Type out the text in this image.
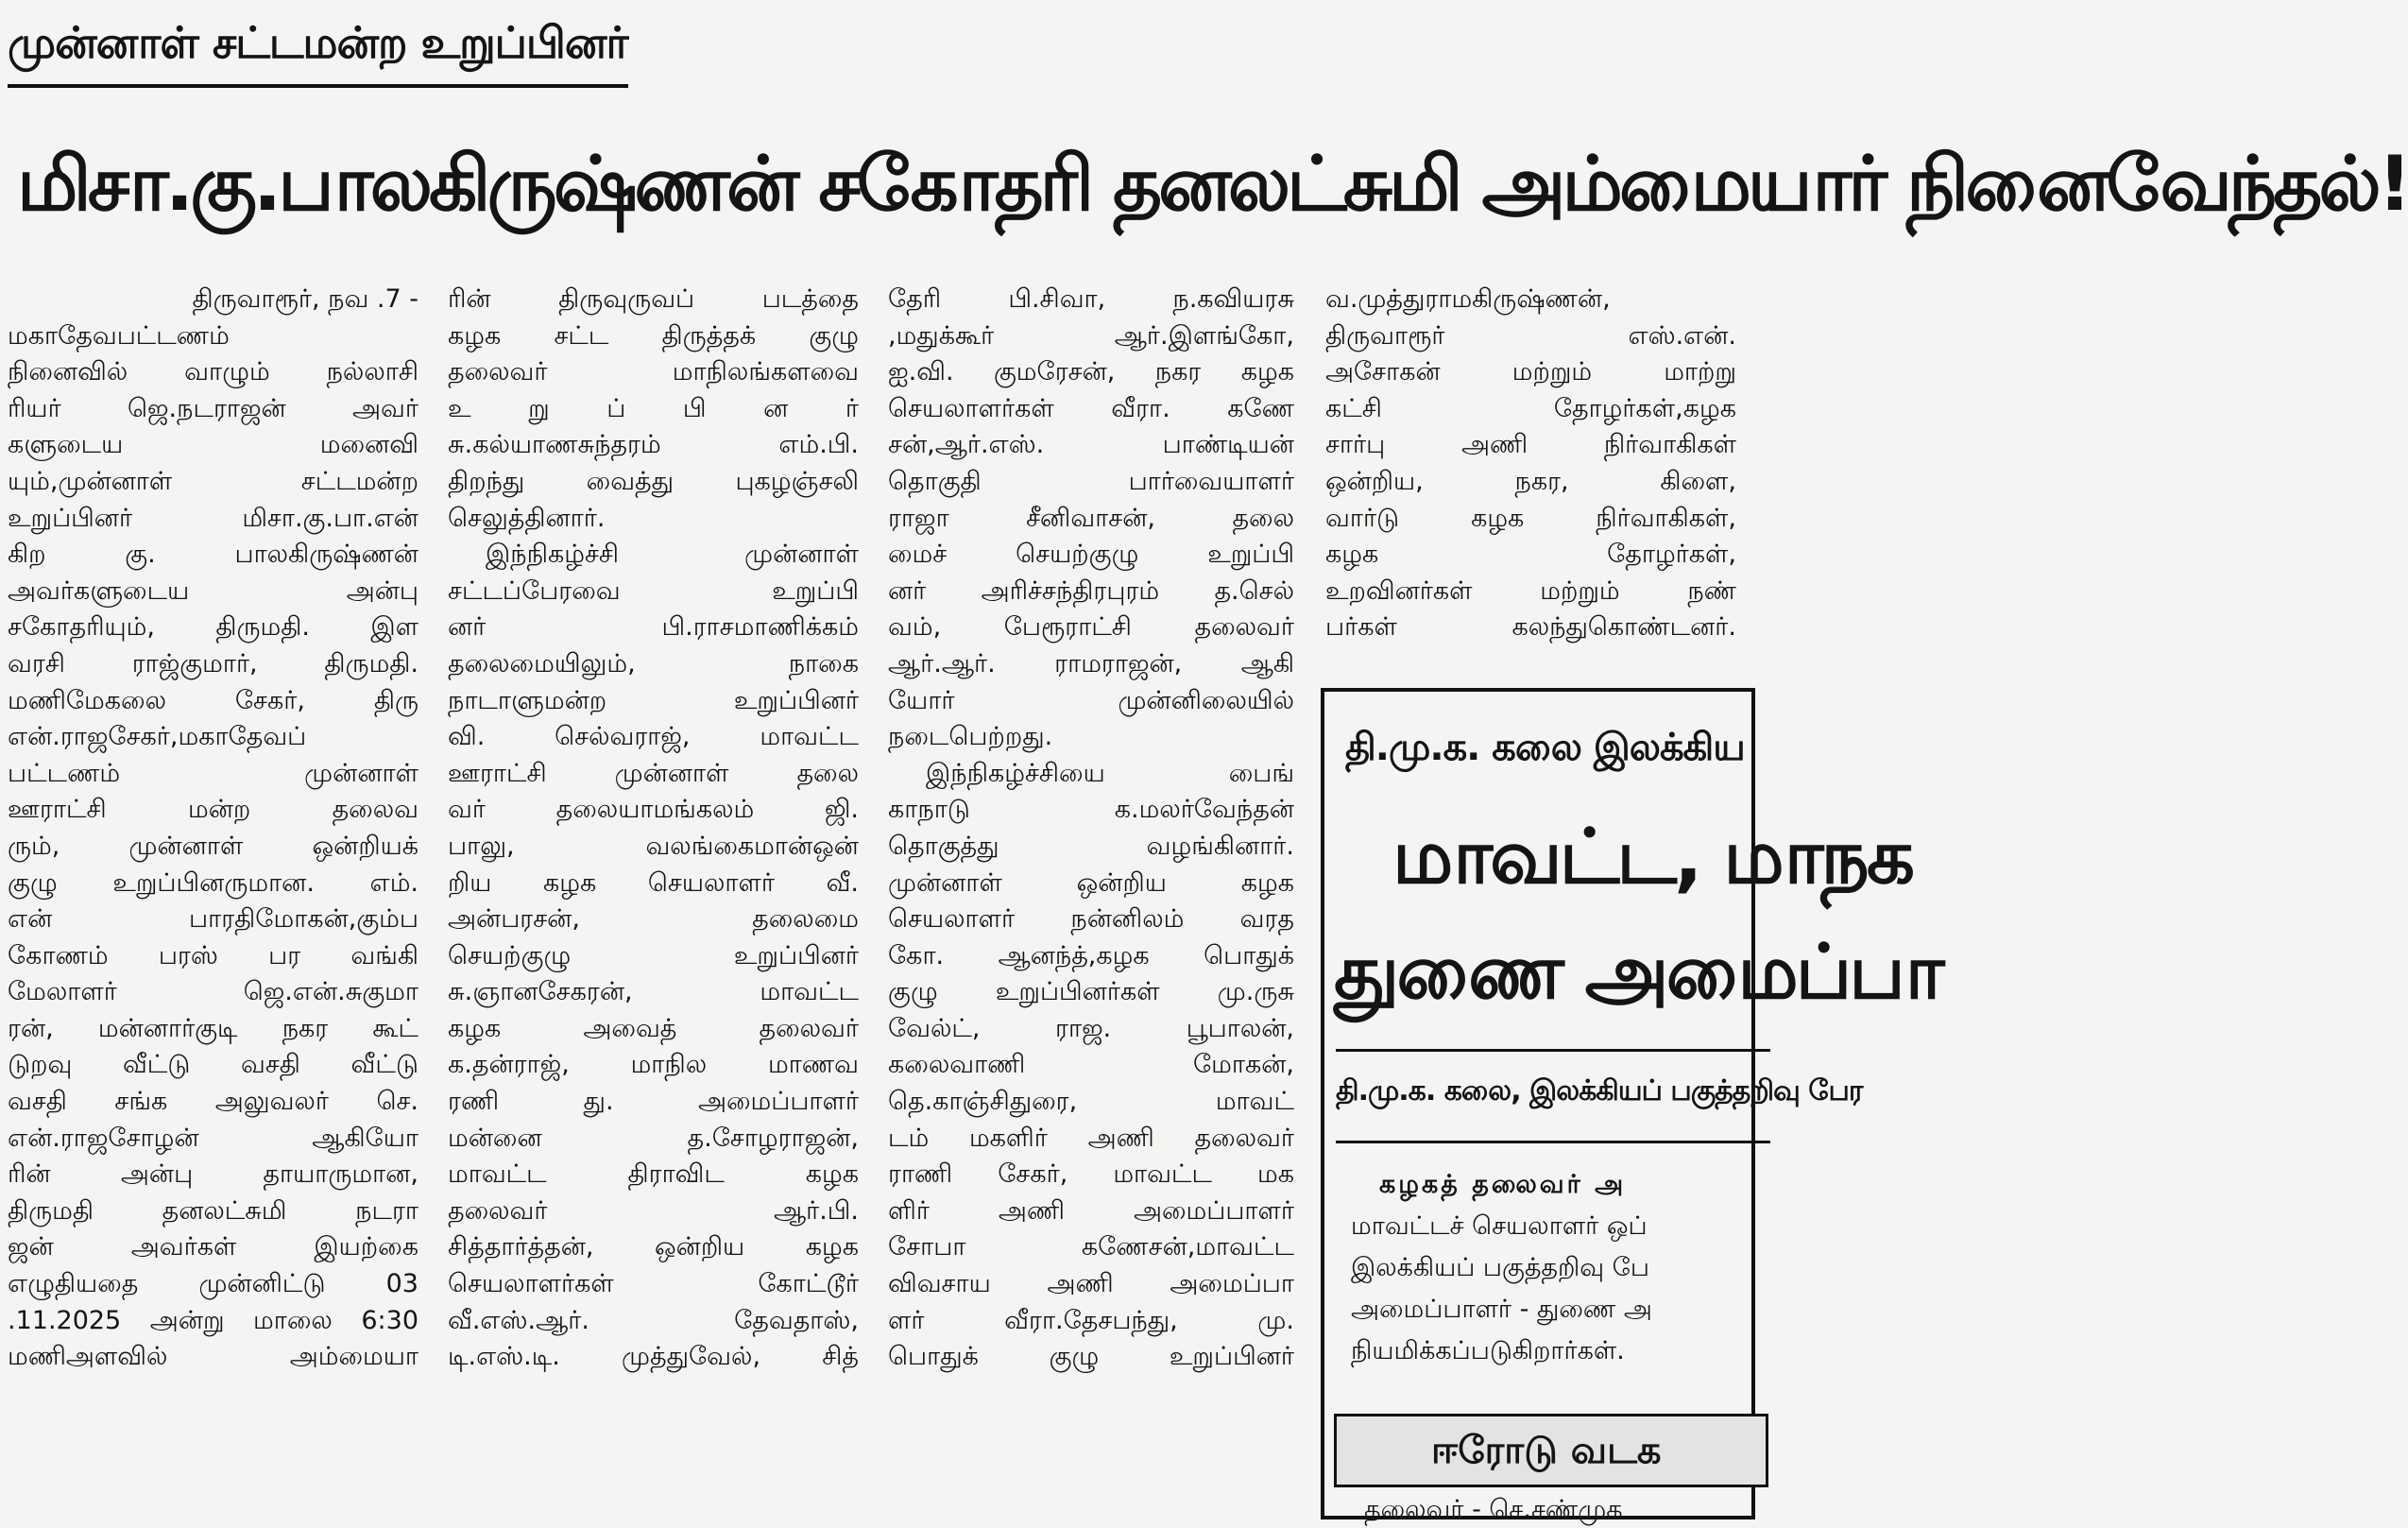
முன்னாள் சட்டமன்ற உறுப்பினர்
மிசா.கு.பாலகிருஷ்ணன் சகோதரி தனலட்சுமி அம்மையார் நினைவேந்தல்!

திருவாரூர், நவ .7 -

மகாதேவபட்டணம்

நினைவில் வாழும் நல்லாசி

ரியர் ஜெ.நடராஜன் அவர்

களுடைய மனைவி

யும்,முன்னாள் சட்டமன்ற

உறுப்பினர் மிசா.கு.பா.என்

கிற கு. பாலகிருஷ்ணன்

அவர்களுடைய அன்பு

சகோதரியும், திருமதி. இள

வரசி ராஜ்குமார், திருமதி.

மணிமேகலை சேகர், திரு

என்.ராஜசேகர்,மகாதேவப்

பட்டணம் முன்னாள்

ஊராட்சி மன்ற தலைவ

ரும், முன்னாள் ஒன்றியக்

குழு உறுப்பினருமான. எம்.

என் பாரதிமோகன்,கும்ப

கோணம் பரஸ் பர வங்கி

மேலாளர் ஜெ.என்.சுகுமா

ரன், மன்னார்குடி நகர கூட்

டுறவு வீட்டு வசதி வீட்டு

வசதி சங்க அலுவலர் செ.

என்.ராஜசோழன் ஆகியோ

ரின் அன்பு தாயாருமான,

திருமதி தனலட்சுமி நடரா

ஜன் அவர்கள் இயற்கை

எழுதியதை முன்னிட்டு 03

.11.2025 அன்று மாலை 6:30

மணிஅளவில் அம்மையா

ரின் திருவுருவப் படத்தை

கழக சட்ட திருத்தக் குழு

தலைவர் மாநிலங்களவை

உ று ப் பி ன ர்

சு.கல்யாணசுந்தரம் எம்.பி.

திறந்து வைத்து புகழஞ்சலி

செலுத்தினார்.

இந்நிகழ்ச்சி முன்னாள்

சட்டப்பேரவை உறுப்பி

னர் பி.ராசமாணிக்கம்

தலைமையிலும், நாகை

நாடாளுமன்ற உறுப்பினர்

வி. செல்வராஜ், மாவட்ட

ஊராட்சி முன்னாள் தலை

வர் தலையாமங்கலம் ஜி.

பாலு, வலங்கைமான்ஒன்

றிய கழக செயலாளர் வீ.

அன்பரசன், தலைமை

செயற்குழு உறுப்பினர்

சு.ஞானசேகரன், மாவட்ட

கழக அவைத் தலைவர்

க.தன்ராஜ், மாநில மாணவ

ரணி து. அமைப்பாளர்

மன்னை த.சோழராஜன்,

மாவட்ட திராவிட கழக

தலைவர் ஆர்.பி.

சித்தார்த்தன், ஒன்றிய கழக

செயலாளர்கள் கோட்டூர்

வீ.எஸ்.ஆர். தேவதாஸ்,

டி.எஸ்.டி. முத்துவேல், சித்

தேரி பி.சிவா, ந.கவியரசு

,மதுக்கூர் ஆர்.இளங்கோ,

ஐ.வி. குமரேசன், நகர கழக

செயலாளர்கள் வீரா. கணே

சன்,ஆர்.எஸ். பாண்டியன்

தொகுதி பார்வையாளர்

ராஜா சீனிவாசன், தலை

மைச் செயற்குழு உறுப்பி

னர் அரிச்சந்திரபுரம் த.செல்

வம், பேரூராட்சி தலைவர்

ஆர்.ஆர். ராமராஜன், ஆகி

யோர் முன்னிலையில்

நடைபெற்றது.

இந்நிகழ்ச்சியை பைங்

காநாடு க.மலர்வேந்தன்

தொகுத்து வழங்கினார்.

முன்னாள் ஒன்றிய கழக

செயலாளர் நன்னிலம் வரத

கோ. ஆனந்த்,கழக பொதுக்

குழு உறுப்பினர்கள் மு.ருசு

வேல்ட், ராஜ. பூபாலன்,

கலைவாணி மோகன்,

தெ.காஞ்சிதுரை, மாவட்

டம் மகளிர் அணி தலைவர்

ராணி சேகர், மாவட்ட மக

ளிர் அணி அமைப்பாளர்

சோபா கணேசன்,மாவட்ட

விவசாய அணி அமைப்பா

ளர் வீரா.தேசபந்து, மு.

பொதுக் குழு உறுப்பினர்

வ.முத்துராமகிருஷ்ணன்,

திருவாரூர் எஸ்.என்.

அசோகன் மற்றும் மாற்று

கட்சி தோழர்கள்,கழக

சார்பு அணி நிர்வாகிகள்

ஒன்றிய, நகர, கிளை,

வார்டு கழக நிர்வாகிகள்,

கழக தோழர்கள்,

உறவினர்கள் மற்றும் நண்

பர்கள் கலந்துகொண்டனர்.

தி.மு.க. கலை இலக்கிய
மாவட்ட, மாநக
துணை அமைப்பா
தி.மு.க. கலை, இலக்கியப் பகுத்தறிவு பேர
கழகத் தலைவர் அ
மாவட்டச் செயலாளர் ஒப்
இலக்கியப் பகுத்தறிவு பே
அமைப்பாளர் - துணை அ
நியமிக்கப்படுகிறார்கள்.
ஈரோடு வடக
தலைவர் - செ.சண்முக
